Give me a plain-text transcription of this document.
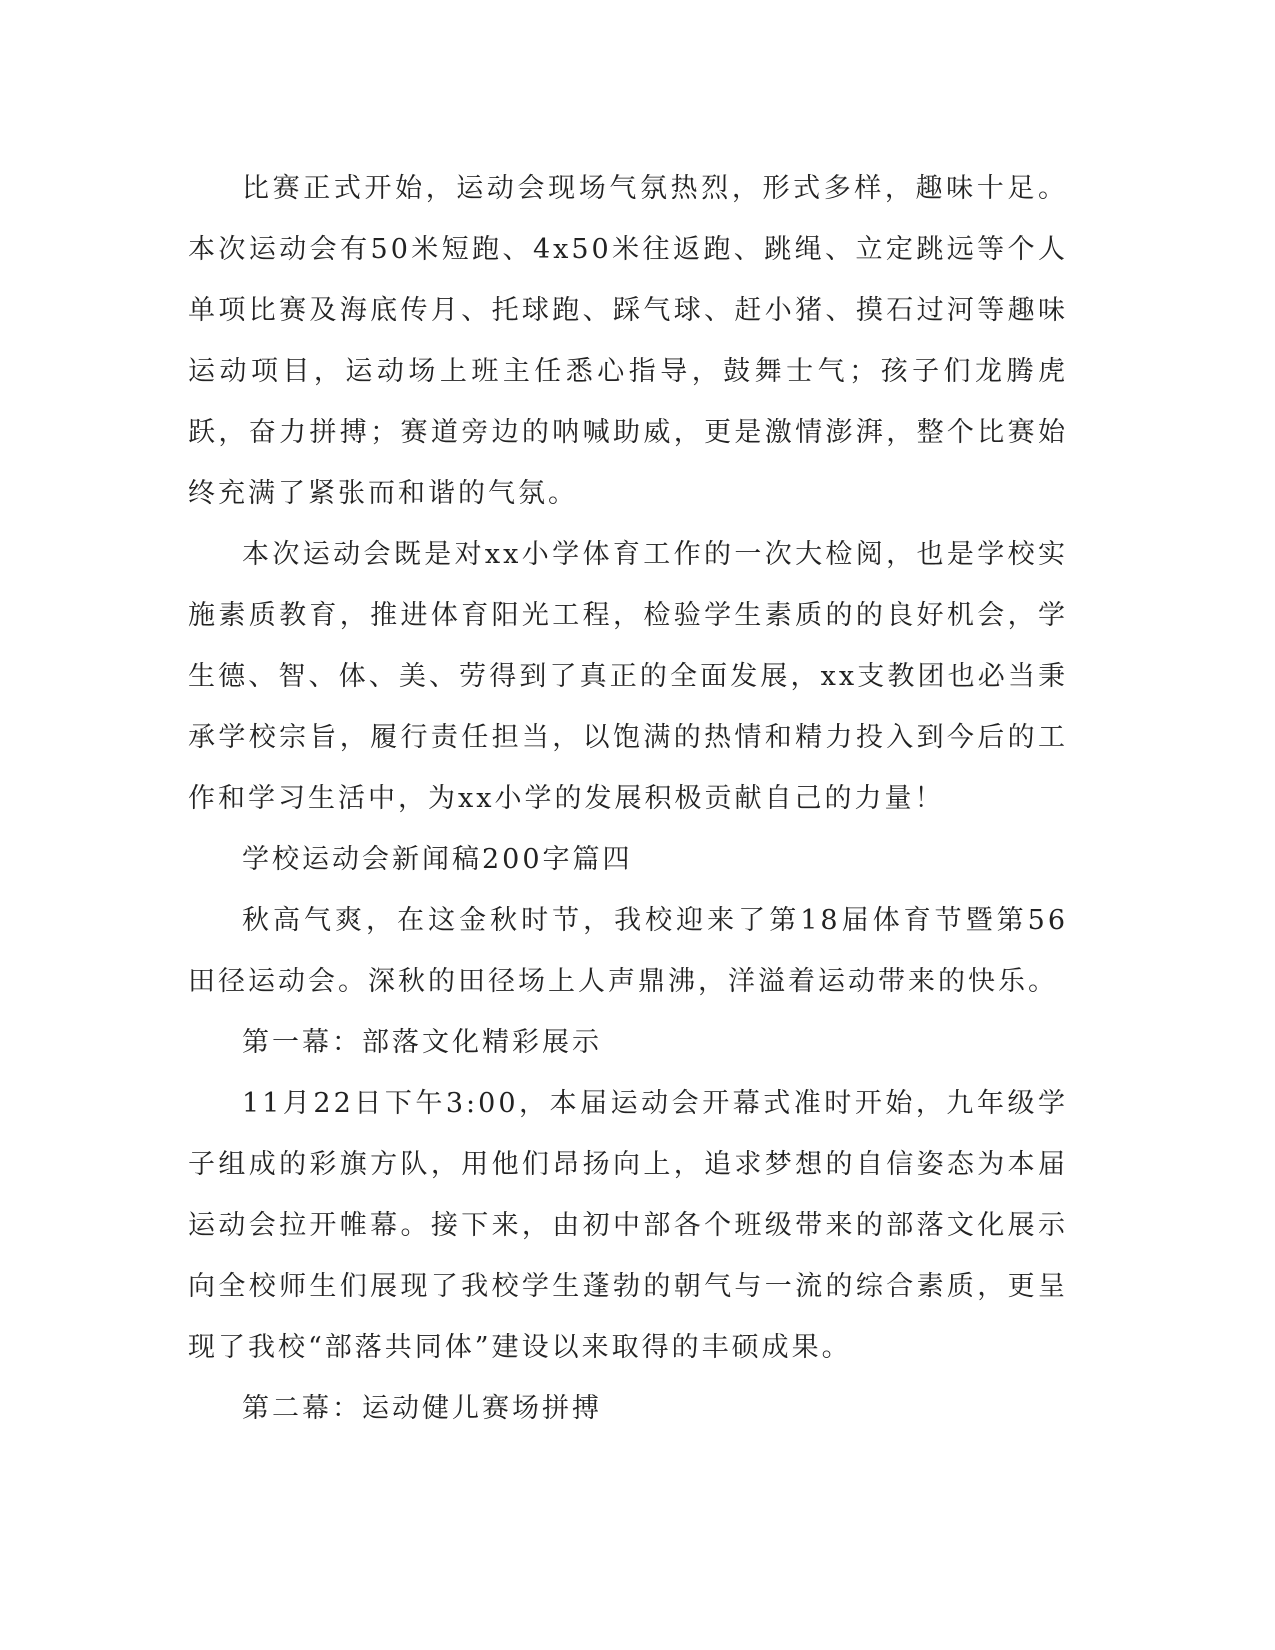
比赛正式开始，运动会现场气氛热烈，形式多样，趣味十足。本次运动会有50米短跑、4x50米往返跑、跳绳、立定跳远等个人单项比赛及海底传月、托球跑、踩气球、赶小猪、摸石过河等趣味运动项目，运动场上班主任悉心指导，鼓舞士气；孩子们龙腾虎跃，奋力拼搏；赛道旁边的呐喊助威，更是激情澎湃，整个比赛始终充满了紧张而和谐的气氛。

本次运动会既是对xx小学体育工作的一次大检阅，也是学校实施素质教育，推进体育阳光工程，检验学生素质的的良好机会，学生德、智、体、美、劳得到了真正的全面发展，xx支教团也必当秉承学校宗旨，履行责任担当，以饱满的热情和精力投入到今后的工作和学习生活中，为xx小学的发展积极贡献自己的力量！

学校运动会新闻稿200字篇四

秋高气爽，在这金秋时节，我校迎来了第18届体育节暨第56田径运动会。深秋的田径场上人声鼎沸，洋溢着运动带来的快乐。

第一幕：部落文化精彩展示

11月22日下午3:00，本届运动会开幕式准时开始，九年级学子组成的彩旗方队，用他们昂扬向上，追求梦想的自信姿态为本届运动会拉开帷幕。接下来，由初中部各个班级带来的部落文化展示向全校师生们展现了我校学生蓬勃的朝气与一流的综合素质，更呈现了我校“部落共同体”建设以来取得的丰硕成果。

第二幕：运动健儿赛场拼搏
